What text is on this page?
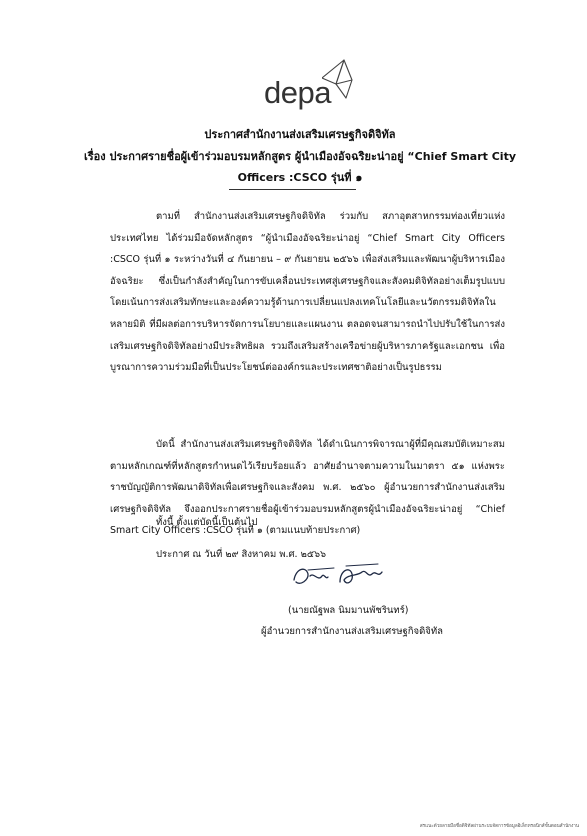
depa
ประกาศสำนักงานส่งเสริมเศรษฐกิจดิจิทัล
เรื่อง ประกาศรายชื่อผู้เข้าร่วมอบรมหลักสูตร ผู้นำเมืองอัจฉริยะน่าอยู่ “Chief Smart City
Officers :CSCO รุ่นที่ ๑
ตามที่ สำนักงานส่งเสริมเศรษฐกิจดิจิทัล ร่วมกับ สภาอุตสาหกรรมท่องเที่ยวแห่งประเทศไทย ได้ร่วมมือจัดหลักสูตร “ผู้นำเมืองอัจฉริยะน่าอยู่ “Chief Smart City Officers :CSCO รุ่นที่ ๑ ระหว่างวันที่ ๔ กันยายน – ๙ กันยายน ๒๕๖๖ เพื่อส่งเสริมและพัฒนาผู้บริหารเมืองอัจฉริยะ ซึ่งเป็นกำลังสำคัญในการขับเคลื่อนประเทศสู่เศรษฐกิจและสังคมดิจิทัลอย่างเต็มรูปแบบ โดยเน้นการส่งเสริมทักษะและองค์ความรู้ด้านการเปลี่ยนแปลงเทคโนโลยีและนวัตกรรมดิจิทัลในหลายมิติ ที่มีผลต่อการบริหารจัดการนโยบายและแผนงาน ตลอดจนสามารถนำไปปรับใช้ในการส่งเสริมเศรษฐกิจดิจิทัลอย่างมีประสิทธิผล รวมถึงเสริมสร้างเครือข่ายผู้บริหารภาครัฐและเอกชน เพื่อบูรณาการความร่วมมือที่เป็นประโยชน์ต่อองค์กรและประเทศชาติอย่างเป็นรูปธรรม
บัดนี้ สำนักงานส่งเสริมเศรษฐกิจดิจิทัล ได้ดำเนินการพิจารณาผู้ที่มีคุณสมบัติเหมาะสมตามหลักเกณฑ์ที่หลักสูตรกำหนดไว้เรียบร้อยแล้ว อาศัยอำนาจตามความในมาตรา ๕๑ แห่งพระราชบัญญัติการพัฒนาดิจิทัลเพื่อเศรษฐกิจและสังคม พ.ศ. ๒๕๖๐ ผู้อำนวยการสำนักงานส่งเสริมเศรษฐกิจดิจิทัล จึงออกประกาศรายชื่อผู้เข้าร่วมอบรมหลักสูตรผู้นำเมืองอัจฉริยะน่าอยู่ “Chief Smart City Officers :CSCO รุ่นที่ ๑ (ตามแนบท้ายประกาศ)
ทั้งนี้ ตั้งแต่บัดนี้เป็นต้นไป
ประกาศ ณ วันที่ ๒๙ สิงหาคม พ.ศ. ๒๕๖๖
(นายณัฐพล นิมมานพัชรินทร์)
ผู้อำนวยการสำนักงานส่งเสริมเศรษฐกิจดิจิทัล
สรแนะด้วยลายมือชื่อดิจิทัลผ่านระบบจัดการข้อมูลอิเล็กทรอนิกส์ขั้นตอนสำนักงาน
